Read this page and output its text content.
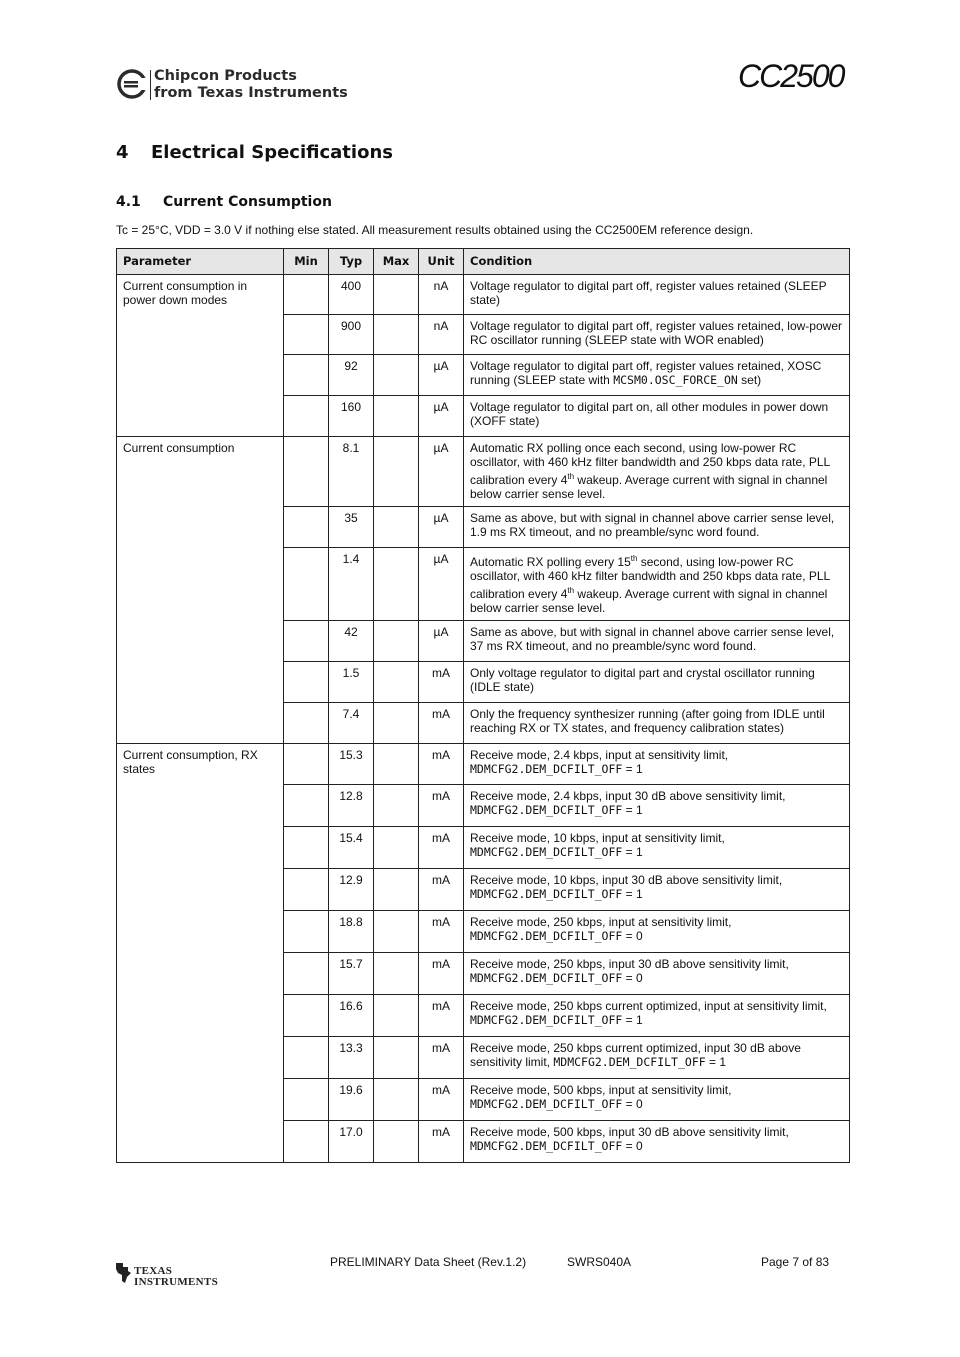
Chipcon Products
from Texas Instruments	CC2500
4 Electrical Specifications
4.1 Current Consumption
Tc = 25°C, VDD = 3.0 V if nothing else stated. All measurement results obtained using the CC2500EM reference design.
Parameter	Min	Typ	Max	Unit	Condition
Current consumption in power down modes		400		nA	Voltage regulator to digital part off, register values retained (SLEEP state)
		900		nA	Voltage regulator to digital part off, register values retained, low-power RC oscillator running (SLEEP state with WOR enabled)
		92		µA	Voltage regulator to digital part off, register values retained, XOSC running (SLEEP state with MCSM0.OSC_FORCE_ON set)
		160		µA	Voltage regulator to digital part on, all other modules in power down (XOFF state)
Current consumption		8.1		µA	Automatic RX polling once each second, using low-power RC oscillator, with 460 kHz filter bandwidth and 250 kbps data rate, PLL calibration every 4th wakeup. Average current with signal in channel below carrier sense level.
		35		µA	Same as above, but with signal in channel above carrier sense level, 1.9 ms RX timeout, and no preamble/sync word found.
		1.4		µA	Automatic RX polling every 15th second, using low-power RC oscillator, with 460 kHz filter bandwidth and 250 kbps data rate, PLL calibration every 4th wakeup. Average current with signal in channel below carrier sense level.
		42		µA	Same as above, but with signal in channel above carrier sense level, 37 ms RX timeout, and no preamble/sync word found.
		1.5		mA	Only voltage regulator to digital part and crystal oscillator running (IDLE state)
		7.4		mA	Only the frequency synthesizer running (after going from IDLE until reaching RX or TX states, and frequency calibration states)
Current consumption, RX states		15.3		mA	Receive mode, 2.4 kbps, input at sensitivity limit, MDMCFG2.DEM_DCFILT_OFF = 1
		12.8		mA	Receive mode, 2.4 kbps, input 30 dB above sensitivity limit, MDMCFG2.DEM_DCFILT_OFF = 1
		15.4		mA	Receive mode, 10 kbps, input at sensitivity limit, MDMCFG2.DEM_DCFILT_OFF = 1
		12.9		mA	Receive mode, 10 kbps, input 30 dB above sensitivity limit, MDMCFG2.DEM_DCFILT_OFF = 1
		18.8		mA	Receive mode, 250 kbps, input at sensitivity limit, MDMCFG2.DEM_DCFILT_OFF = 0
		15.7		mA	Receive mode, 250 kbps, input 30 dB above sensitivity limit, MDMCFG2.DEM_DCFILT_OFF = 0
		16.6		mA	Receive mode, 250 kbps current optimized, input at sensitivity limit, MDMCFG2.DEM_DCFILT_OFF = 1
		13.3		mA	Receive mode, 250 kbps current optimized, input 30 dB above sensitivity limit, MDMCFG2.DEM_DCFILT_OFF = 1
		19.6		mA	Receive mode, 500 kbps, input at sensitivity limit, MDMCFG2.DEM_DCFILT_OFF = 0
		17.0		mA	Receive mode, 500 kbps, input 30 dB above sensitivity limit, MDMCFG2.DEM_DCFILT_OFF = 0
TEXAS
INSTRUMENTS
PRELIMINARY Data Sheet (Rev.1.2)	SWRS040A	Page 7 of 83
